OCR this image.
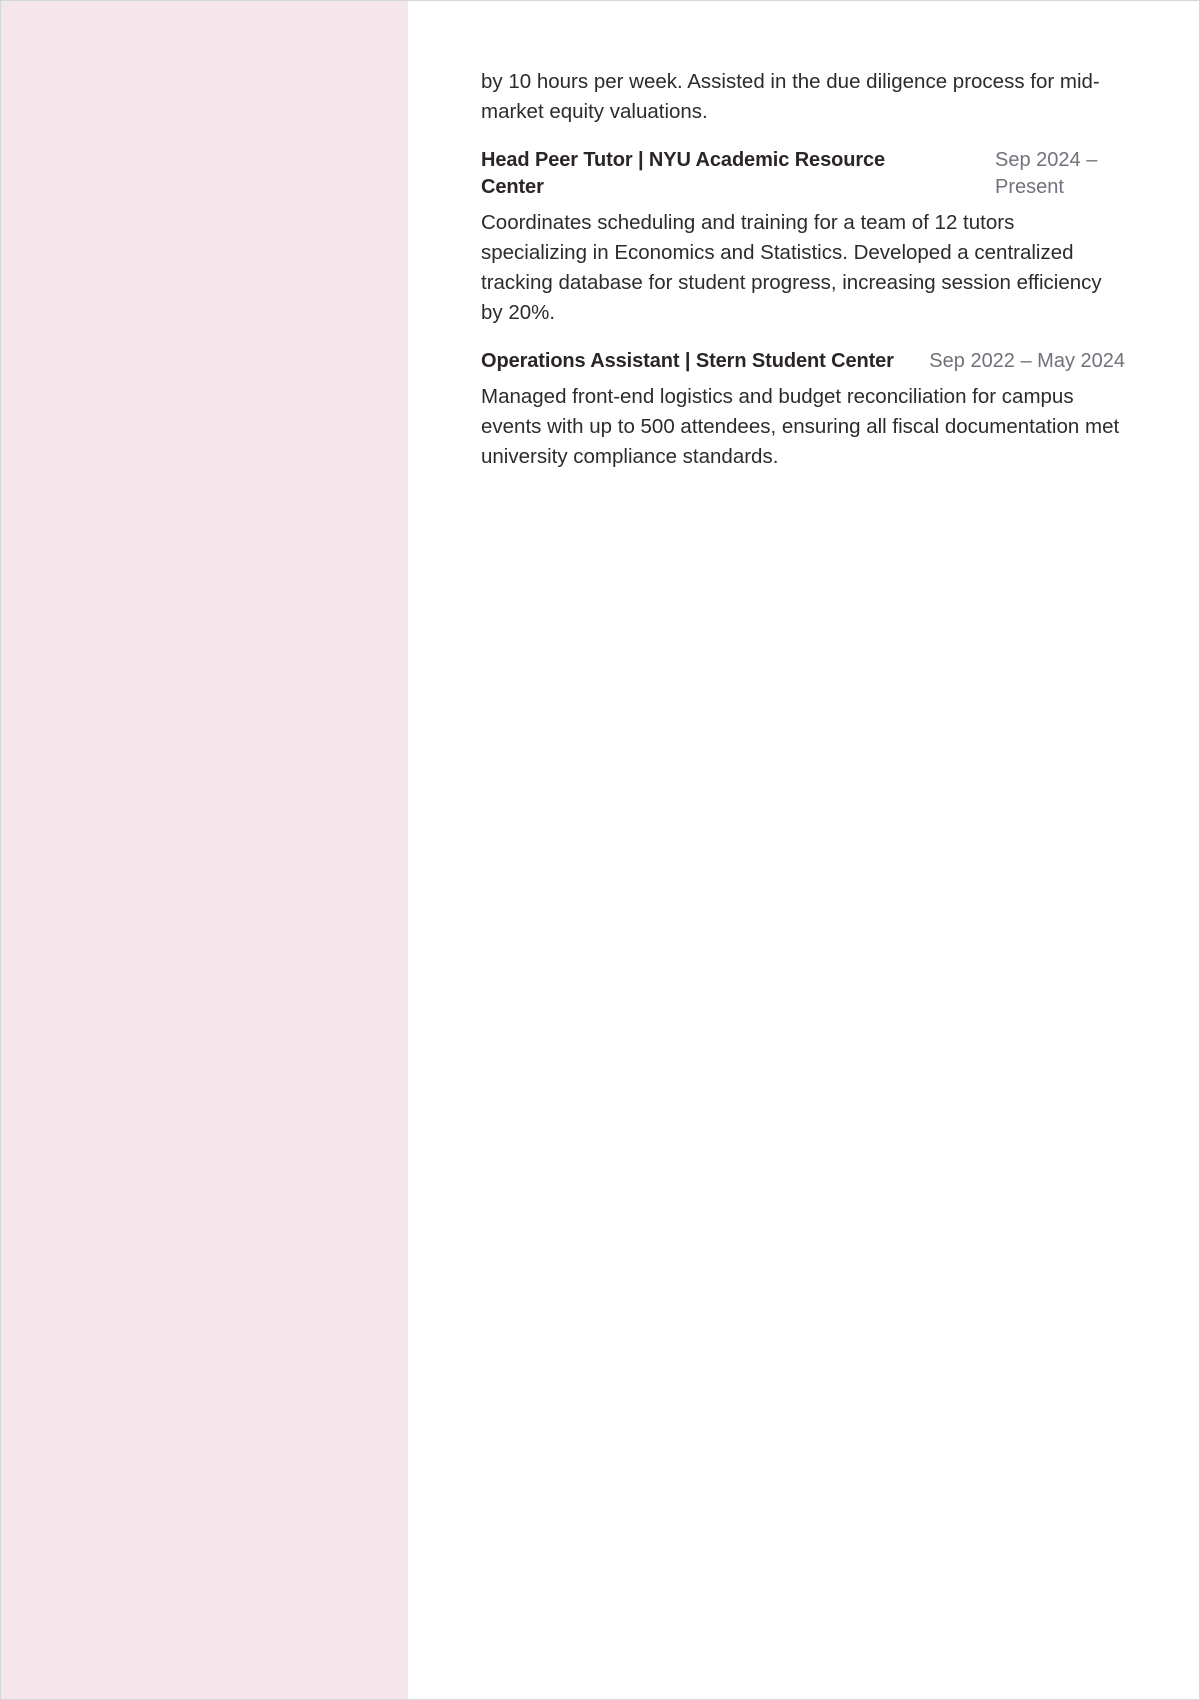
by 10 hours per week. Assisted in the due diligence process for mid-market equity valuations.

Head Peer Tutor | NYU Academic Resource Center
Sep 2024 – Present

Coordinates scheduling and training for a team of 12 tutors specializing in Economics and Statistics. Developed a centralized tracking database for student progress, increasing session efficiency by 20%.

Operations Assistant | Stern Student Center Sep 2022 – May 2024

Managed front-end logistics and budget reconciliation for campus events with up to 500 attendees, ensuring all fiscal documentation met university compliance standards.
